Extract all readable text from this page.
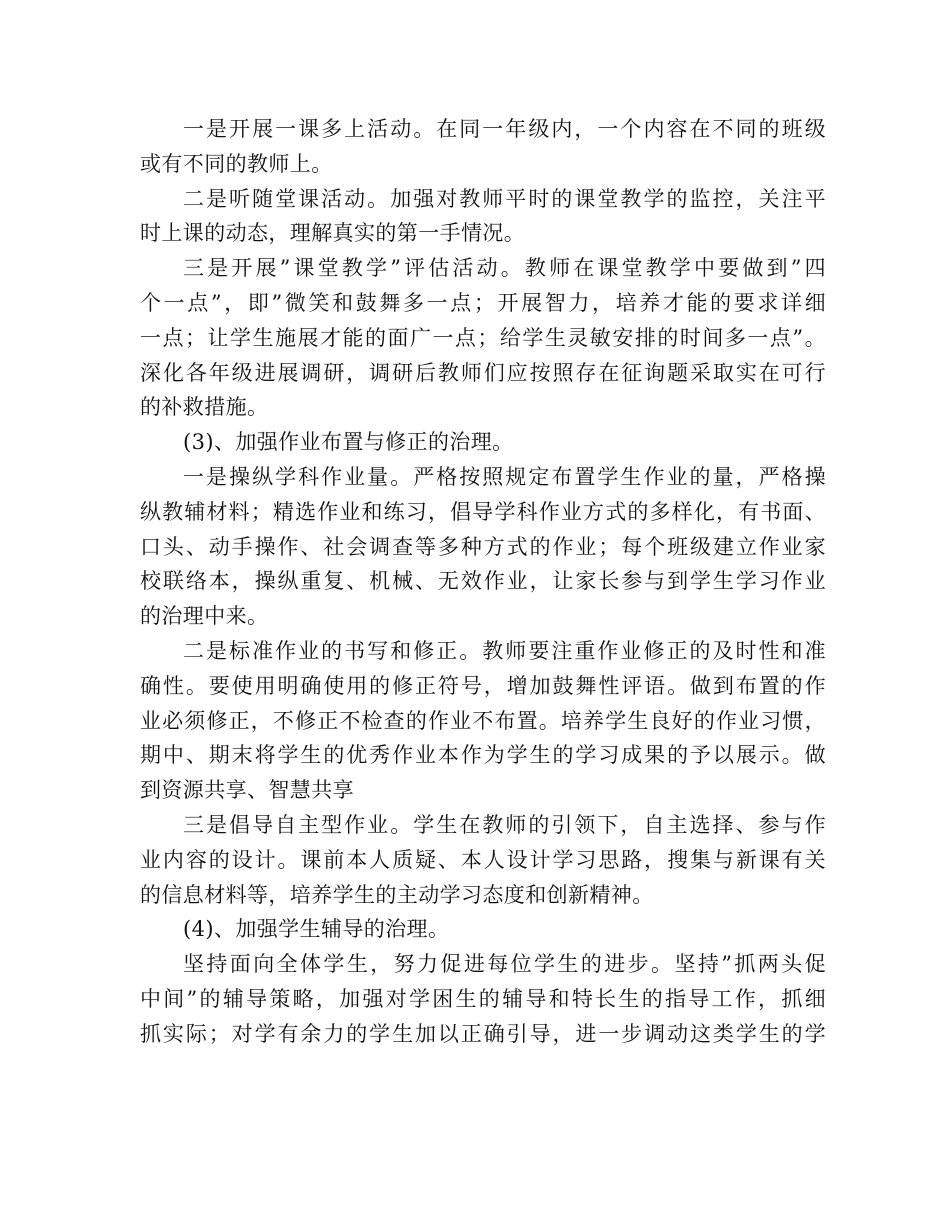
一是开展一课多上活动。在同一年级内，一个内容在不同的班级
或有不同的教师上。
二是听随堂课活动。加强对教师平时的课堂教学的监控，关注平
时上课的动态，理解真实的第一手情况。
三是开展”课堂教学”评估活动。教师在课堂教学中要做到”四
个一点”，即”微笑和鼓舞多一点；开展智力，培养才能的要求详细
一点；让学生施展才能的面广一点；给学生灵敏安排的时间多一点”。
深化各年级进展调研，调研后教师们应按照存在征询题采取实在可行
的补救措施。
(3)、加强作业布置与修正的治理。
一是操纵学科作业量。严格按照规定布置学生作业的量，严格操
纵教辅材料；精选作业和练习，倡导学科作业方式的多样化，有书面、
口头、动手操作、社会调查等多种方式的作业；每个班级建立作业家
校联络本，操纵重复、机械、无效作业，让家长参与到学生学习作业
的治理中来。
二是标准作业的书写和修正。教师要注重作业修正的及时性和准
确性。要使用明确使用的修正符号，增加鼓舞性评语。做到布置的作
业必须修正，不修正不检查的作业不布置。培养学生良好的作业习惯，
期中、期末将学生的优秀作业本作为学生的学习成果的予以展示。做
到资源共享、智慧共享
三是倡导自主型作业。学生在教师的引领下，自主选择、参与作
业内容的设计。课前本人质疑、本人设计学习思路，搜集与新课有关
的信息材料等，培养学生的主动学习态度和创新精神。
(4)、加强学生辅导的治理。
坚持面向全体学生，努力促进每位学生的进步。坚持”抓两头促
中间”的辅导策略，加强对学困生的辅导和特长生的指导工作，抓细
抓实际；对学有余力的学生加以正确引导，进一步调动这类学生的学
